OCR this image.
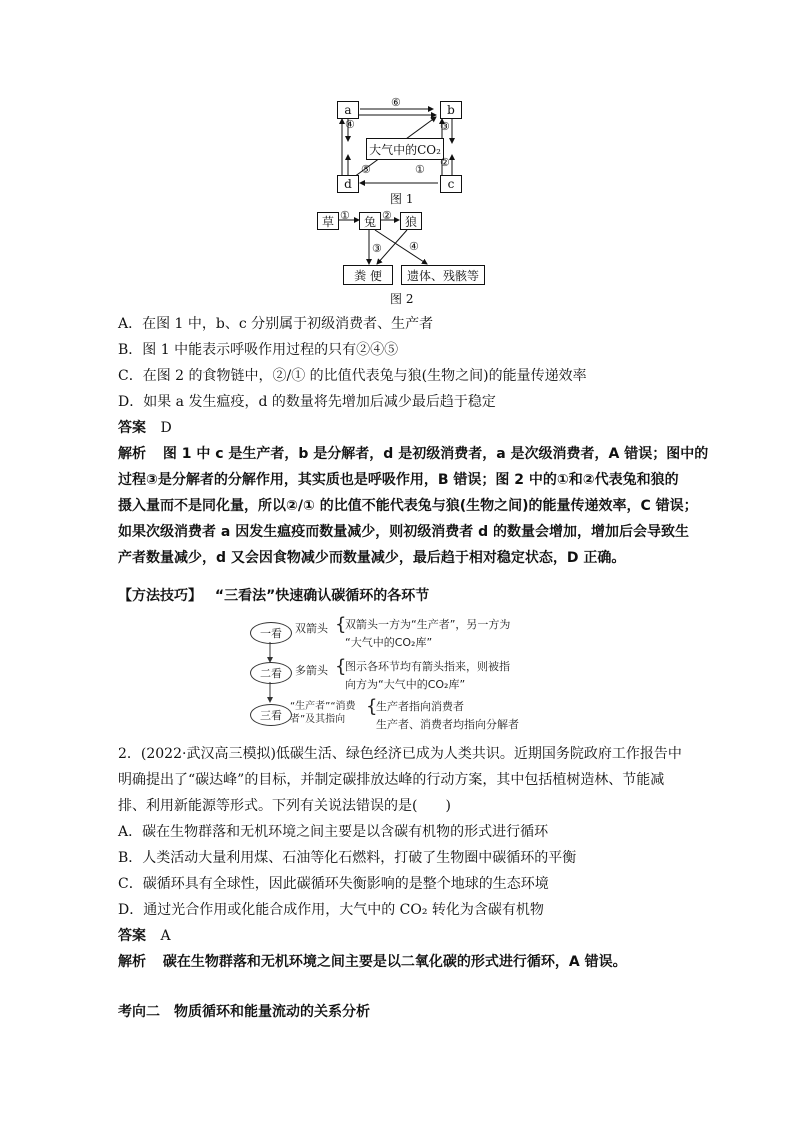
a	b
d	c
大气中的CO₂
⑥
④	③
②
⑤	①
图 1
草	兔	狼
粪 便	遗体、残骸等
①	②
③ ④
图 2
A．在图 1 中，b、c 分别属于初级消费者、生产者
B．图 1 中能表示呼吸作用过程的只有②④⑤
C．在图 2 的食物链中，②/① 的比值代表兔与狼(生物之间)的能量传递效率
D．如果 a 发生瘟疫，d 的数量将先增加后减少最后趋于稳定
答案 D
解析 图 1 中 c 是生产者，b 是分解者，d 是初级消费者，a 是次级消费者，A 错误；图中的
过程③是分解者的分解作用，其实质也是呼吸作用，B 错误；图 2 中的①和②代表兔和狼的
摄入量而不是同化量，所以②/① 的比值不能代表兔与狼(生物之间)的能量传递效率，C 错误；
如果次级消费者 a 因发生瘟疫而数量减少，则初级消费者 d 的数量会增加，增加后会导致生
产者数量减少，d 又会因食物减少而数量减少，最后趋于相对稳定状态，D 正确。
【方法技巧】 “三看法”快速确认碳循环的各环节
一看
二看
三看
双箭头 {
双箭头一方为“生产者”，另一方为
“大气中的CO₂库”
多箭头 {
图示各环节均有箭头指来，则被指
向方为“大气中的CO₂库”
“生产者”“消费者”及其指向
{
生产者指向消费者
生产者、消费者均指向分解者
2．(2022·武汉高三模拟)低碳生活、绿色经济已成为人类共识。近期国务院政府工作报告中
明确提出了“碳达峰”的目标，并制定碳排放达峰的行动方案，其中包括植树造林、节能减
排、利用新能源等形式。下列有关说法错误的是(　　)
A．碳在生物群落和无机环境之间主要是以含碳有机物的形式进行循环
B．人类活动大量利用煤、石油等化石燃料，打破了生物圈中碳循环的平衡
C．碳循环具有全球性，因此碳循环失衡影响的是整个地球的生态环境
D．通过光合作用或化能合成作用，大气中的 CO₂ 转化为含碳有机物
答案 A
解析 碳在生物群落和无机环境之间主要是以二氧化碳的形式进行循环，A 错误。
考向二　物质循环和能量流动的关系分析
